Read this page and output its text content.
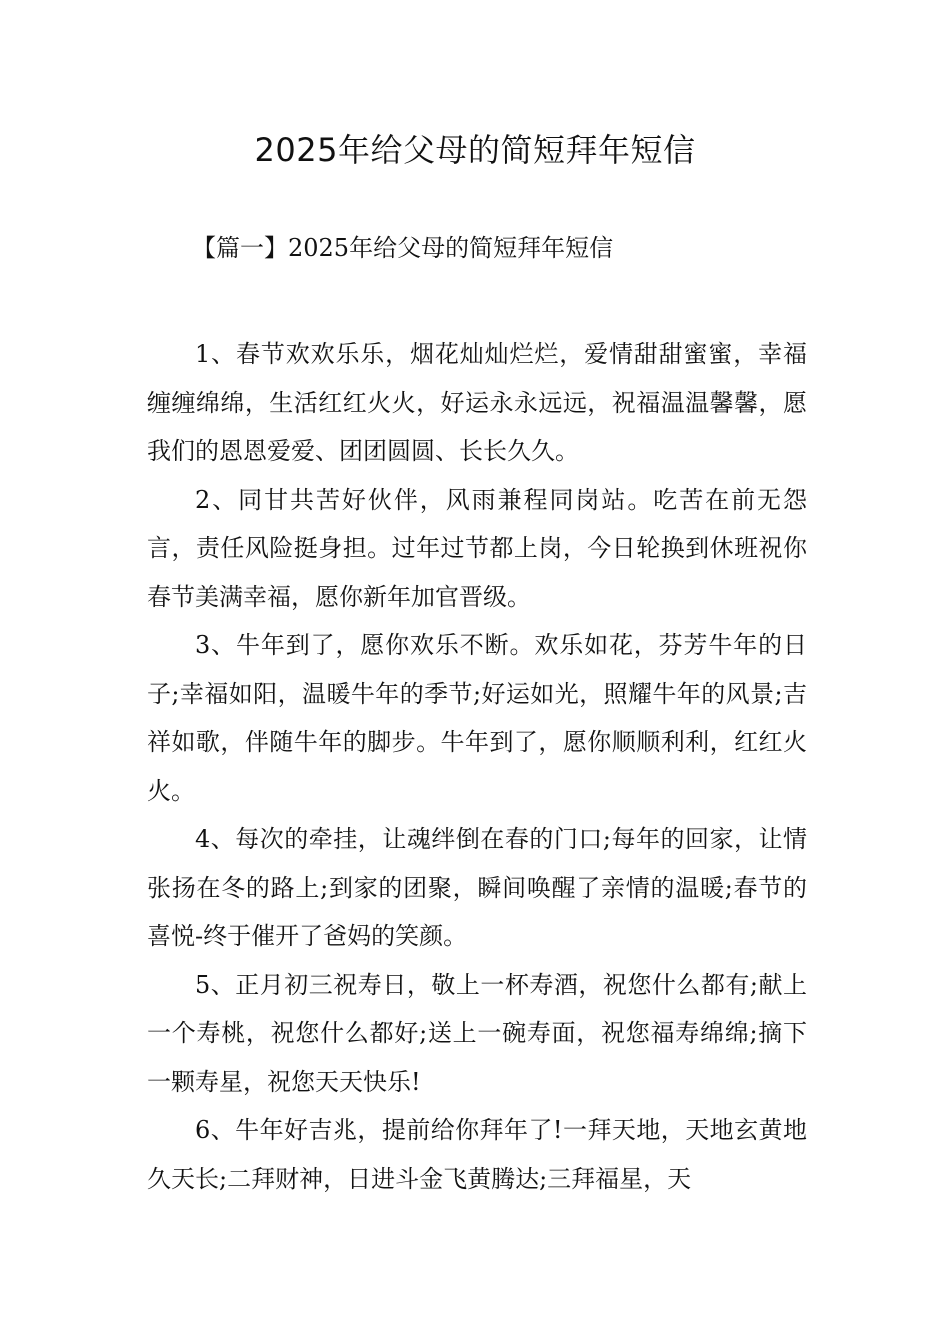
2025年给父母的简短拜年短信
【篇一】2025年给父母的简短拜年短信

1、春节欢欢乐乐，烟花灿灿烂烂，爱情甜甜蜜蜜，幸福缠缠绵绵，生活红红火火，好运永永远远，祝福温温馨馨，愿我们的恩恩爱爱、团团圆圆、长长久久。

2、同甘共苦好伙伴，风雨兼程同岗站。吃苦在前无怨言，责任风险挺身担。过年过节都上岗，今日轮换到休班祝你春节美满幸福，愿你新年加官晋级。

3、牛年到了，愿你欢乐不断。欢乐如花，芬芳牛年的日子;幸福如阳，温暖牛年的季节;好运如光，照耀牛年的风景;吉祥如歌，伴随牛年的脚步。牛年到了，愿你顺顺利利，红红火火。

4、每次的牵挂，让魂绊倒在春的门口;每年的回家，让情张扬在冬的路上;到家的团聚，瞬间唤醒了亲情的温暖;春节的喜悦-终于催开了爸妈的笑颜。

5、正月初三祝寿日，敬上一杯寿酒，祝您什么都有;献上一个寿桃，祝您什么都好;送上一碗寿面，祝您福寿绵绵;摘下一颗寿星，祝您天天快乐!

6、牛年好吉兆，提前给你拜年了!一拜天地，天地玄黄地久天长;二拜财神，日进斗金飞黄腾达;三拜福星，天
